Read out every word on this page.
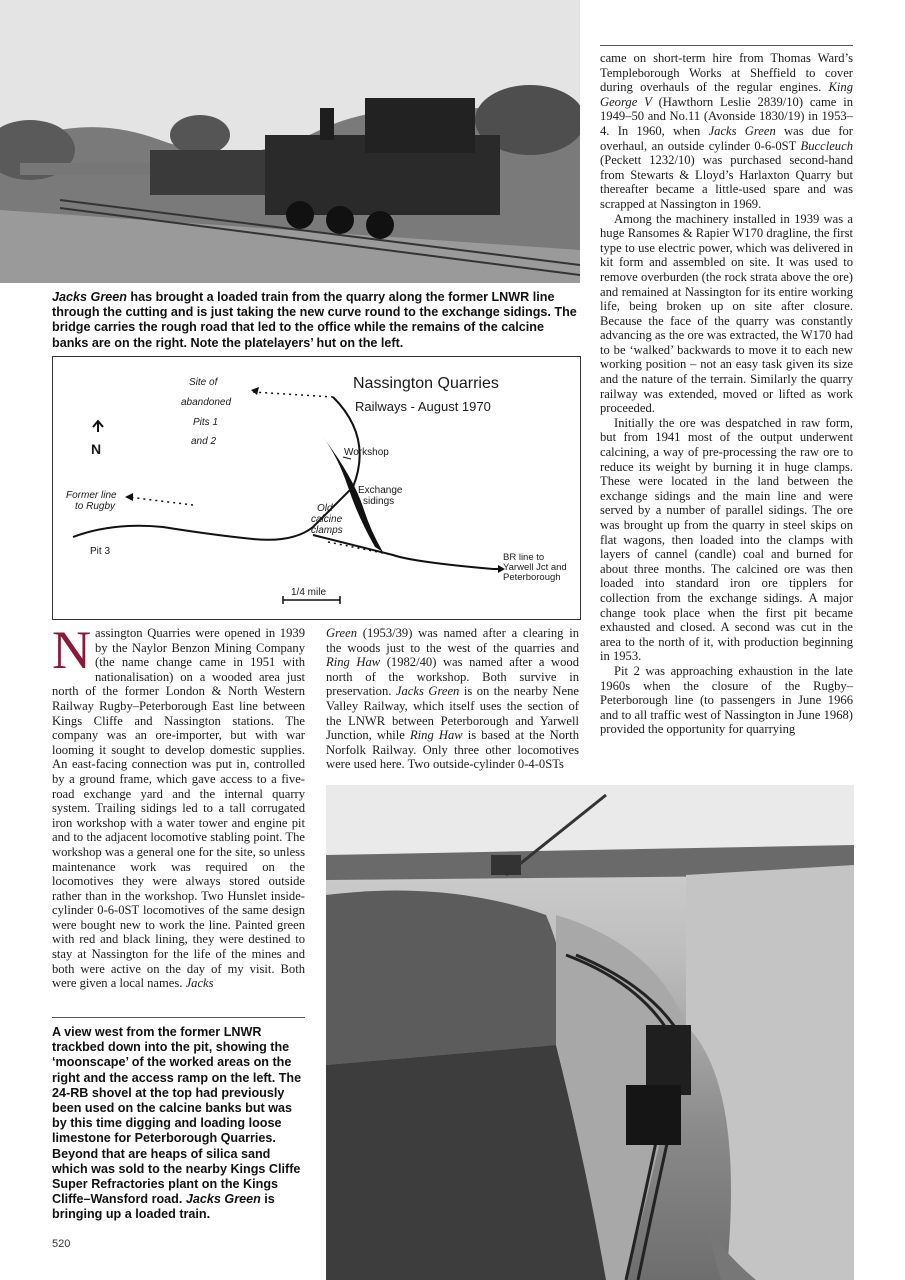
Jacks Green has brought a loaded train from the quarry along the former LNWR line through the cutting and is just taking the new curve round to the exchange sidings. The bridge carries the rough road that led to the office while the remains of the calcine banks are on the right. Note the platelayers’ hut on the left.
Nassington Quarries
Railways - August 1970
Site of
abandoned
Pits 1
and 2
N	Workshop
Exchange
sidings
Old
calcine
clamps
Former line
to Rugby
Pit 3
BR line to
Yarwell Jct and
Peterborough
1/4 mile

Nassington Quarries were opened in 1939 by the Naylor Benzon Mining Company (the name change came in 1951 with nationalisation) on a wooded area just north of the former London & North Western Railway Rugby–Peterborough East line between Kings Cliffe and Nassington stations. The company was an ore-importer, but with war looming it sought to develop domestic supplies. An east-facing connection was put in, controlled by a ground frame, which gave access to a five-road exchange yard and the internal quarry system. Trailing sidings led to a tall corrugated iron workshop with a water tower and engine pit and to the adjacent locomotive stabling point. The workshop was a general one for the site, so unless maintenance work was required on the locomotives they were always stored outside rather than in the workshop. Two Hunslet inside-cylinder 0-6-0ST locomotives of the same design were bought new to work the line. Painted green with red and black lining, they were destined to stay at Nassington for the life of the mines and both were active on the day of my visit. Both were given a local names. Jacks

A view west from the former LNWR trackbed down into the pit, showing the ‘moonscape’ of the worked areas on the right and the access ramp on the left. The 24-RB shovel at the top had previously been used on the calcine banks but was by this time digging and loading loose limestone for Peterborough Quarries. Beyond that are heaps of silica sand which was sold to the nearby Kings Cliffe Super Refractories plant on the Kings Cliffe–Wansford road. Jacks Green is bringing up a loaded train.
520

Green (1953/39) was named after a clearing in the woods just to the west of the quarries and Ring Haw (1982/40) was named after a wood north of the workshop. Both survive in preservation. Jacks Green is on the nearby Nene Valley Railway, which itself uses the section of the LNWR between Peterborough and Yarwell Junction, while Ring Haw is based at the North Norfolk Railway. Only three other locomotives were used here. Two outside-cylinder 0-4-0STs

came on short-term hire from Thomas Ward’s Templeborough Works at Sheffield to cover during overhauls of the regular engines. King George V (Hawthorn Leslie 2839/10) came in 1949–50 and No.11 (Avonside 1830/19) in 1953–4. In 1960, when Jacks Green was due for overhaul, an outside cylinder 0-6-0ST Buccleuch (Peckett 1232/10) was purchased second-hand from Stewarts & Lloyd’s Harlaxton Quarry but thereafter became a little-used spare and was scrapped at Nassington in 1969.

Among the machinery installed in 1939 was a huge Ransomes & Rapier W170 dragline, the first type to use electric power, which was delivered in kit form and assembled on site. It was used to remove overburden (the rock strata above the ore) and remained at Nassington for its entire working life, being broken up on site after closure. Because the face of the quarry was constantly advancing as the ore was extracted, the W170 had to be ‘walked’ backwards to move it to each new working position – not an easy task given its size and the nature of the terrain. Similarly the quarry railway was extended, moved or lifted as work proceeded.

Initially the ore was despatched in raw form, but from 1941 most of the output underwent calcining, a way of pre-processing the raw ore to reduce its weight by burning it in huge clamps. These were located in the land between the exchange sidings and the main line and were served by a number of parallel sidings. The ore was brought up from the quarry in steel skips on flat wagons, then loaded into the clamps with layers of cannel (candle) coal and burned for about three months. The calcined ore was then loaded into standard iron ore tipplers for collection from the exchange sidings. A major change took place when the first pit became exhausted and closed. A second was cut in the area to the north of it, with production beginning in 1953.

Pit 2 was approaching exhaustion in the late 1960s when the closure of the Rugby–Peterborough line (to passengers in June 1966 and to all traffic west of Nassington in June 1968) provided the opportunity for quarrying
